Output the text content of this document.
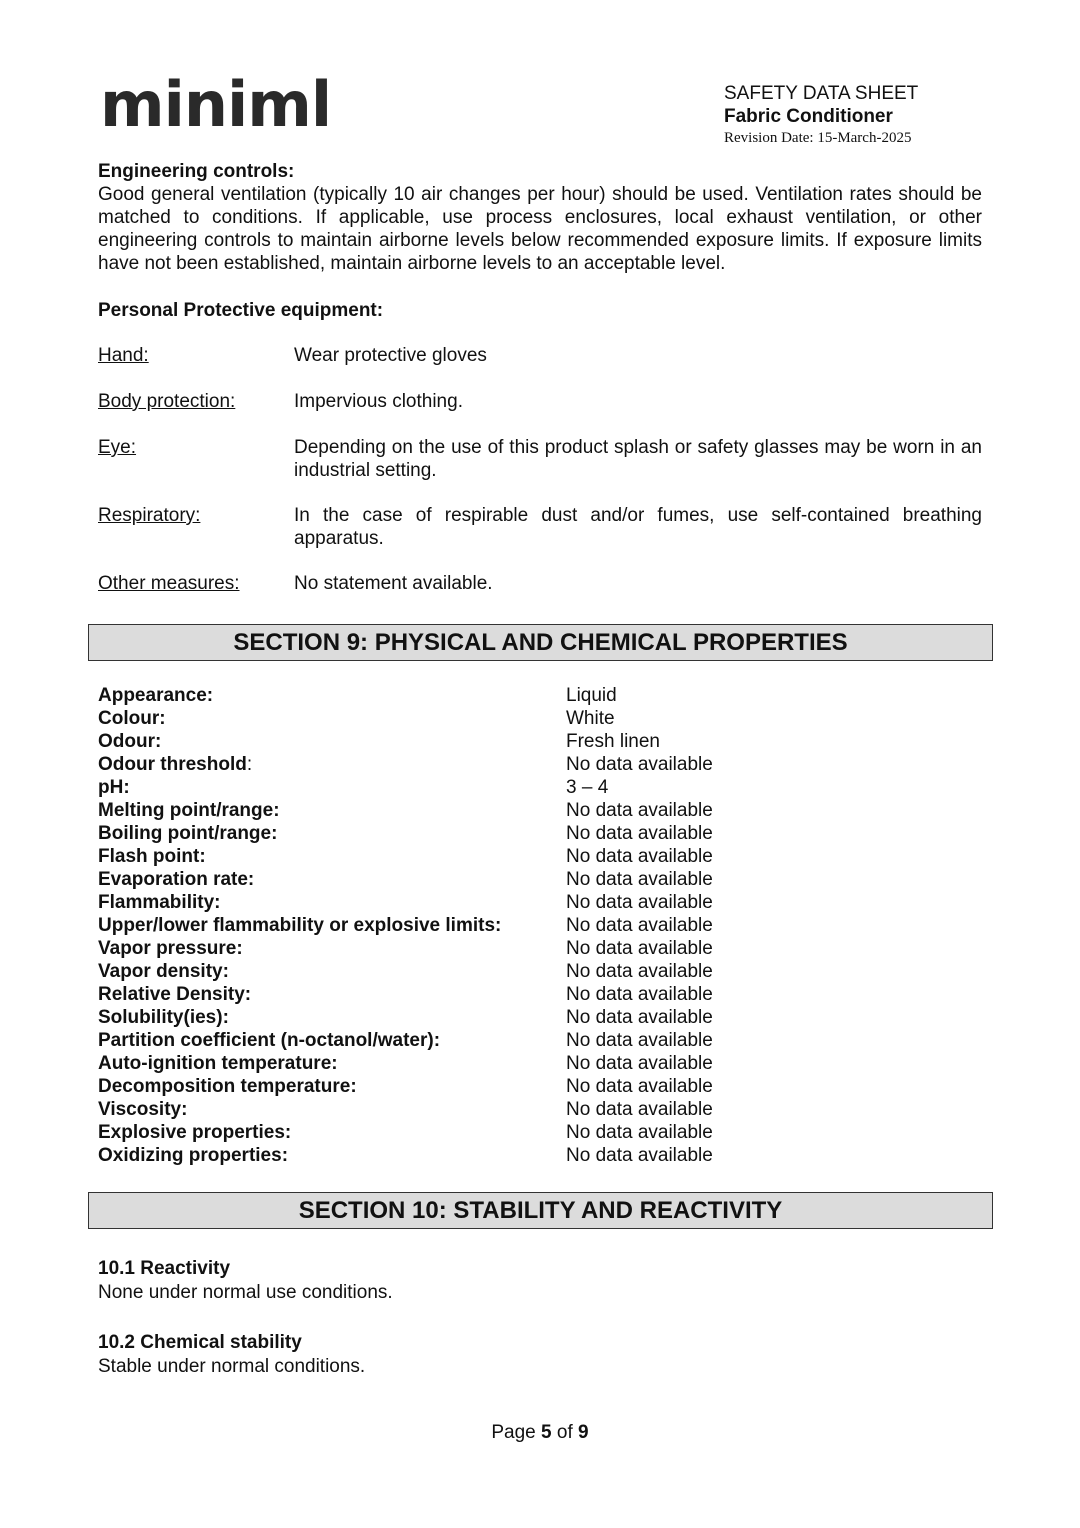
miniml	SAFETY DATA SHEET
Fabric Conditioner
Revision Date: 15-March-2025
Engineering controls:
Good general ventilation (typically 10 air changes per hour) should be used. Ventilation rates should be matched to conditions. If applicable, use process enclosures, local exhaust ventilation, or other engineering controls to maintain airborne levels below recommended exposure limits. If exposure limits have not been established, maintain airborne levels to an acceptable level.
Personal Protective equipment:
Hand:	Wear protective gloves
Body protection:	Impervious clothing.
Eye:	Depending on the use of this product splash or safety glasses may be worn in an industrial setting.
Respiratory:	In the case of respirable dust and/or fumes, use self-contained breathing apparatus.
Other measures:	No statement available.
SECTION 9: PHYSICAL AND CHEMICAL PROPERTIES
Appearance:	Liquid
Colour:	White
Odour:	Fresh linen
Odour threshold:	No data available
pH:	3 – 4
Melting point/range:	No data available
Boiling point/range:	No data available
Flash point:	No data available
Evaporation rate:	No data available
Flammability:	No data available
Upper/lower flammability or explosive limits:	No data available
Vapor pressure:	No data available
Vapor density:	No data available
Relative Density:	No data available
Solubility(ies):	No data available
Partition coefficient (n-octanol/water):	No data available
Auto-ignition temperature:	No data available
Decomposition temperature:	No data available
Viscosity:	No data available
Explosive properties:	No data available
Oxidizing properties:	No data available
SECTION 10: STABILITY AND REACTIVITY
10.1 Reactivity
None under normal use conditions.
10.2 Chemical stability
Stable under normal conditions.
Page 5 of 9
